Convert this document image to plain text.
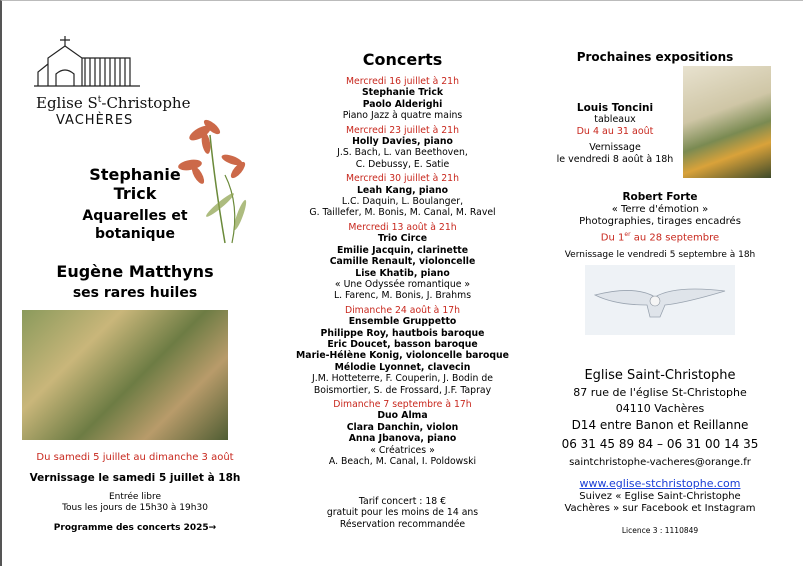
Eglise $S^t$-Christophe
VACHÈRES
Stephanie
Trick
Aquarelles et
botanique
Eugène Matthyns
ses rares huiles
Du samedi 5 juillet au dimanche 3 août
Vernissage le samedi 5 juillet à 18h
Entrée libre
Tous les jours de 15h30 à 19h30
Programme des concerts 2025→
Concerts
Mercredi 16 juillet à 21h
Stephanie Trick
Paolo Alderighi
Piano Jazz à quatre mains
Mercredi 23 juillet à 21h
Holly Davies, piano
J.S. Bach, L. van Beethoven,
C. Debussy, E. Satie
Mercredi 30 juillet à 21h
Leah Kang, piano
L.C. Daquin, L. Boulanger,
G. Taillefer, M. Bonis, M. Canal, M. Ravel
Mercredi 13 août à 21h
Trio Circe
Emilie Jacquin, clarinette
Camille Renault, violoncelle
Lise Khatib, piano
« Une Odyssée romantique »
L. Farenc, M. Bonis, J. Brahms
Dimanche 24 août à 17h
Ensemble Gruppetto
Philippe Roy, hautbois baroque
Eric Doucet, basson baroque
Marie-Hélène Konig, violoncelle baroque
Mélodie Lyonnet, clavecin
J.M. Hotteterre, F. Couperin, J. Bodin de
Boismortier, S. de Frossard, J.F. Tapray
Dimanche 7 septembre à 17h
Duo Alma
Clara Danchin, violon
Anna Jbanova, piano
« Créatrices »
A. Beach, M. Canal, I. Poldowski
Tarif concert : 18 €
gratuit pour les moins de 14 ans
Réservation recommandée
Prochaines expositions
Louis Toncini
tableaux
Du 4 au 31 août
Vernissage
le vendredi 8 août à 18h
Robert Forte
« Terre d'émotion »
Photographies, tirages encadrés
Du 1er au 28 septembre
Vernissage le vendredi 5 septembre à 18h
Eglise Saint-Christophe
87 rue de l'église St-Christophe
04110 Vachères
D14 entre Banon et Reillanne
06 31 45 89 84 – 06 31 00 14 35
saintchristophe-vacheres@orange.fr
www.eglise-stchristophe.com
Suivez « Eglise Saint-Christophe
Vachères » sur Facebook et Instagram
Licence 3 : 1110849
